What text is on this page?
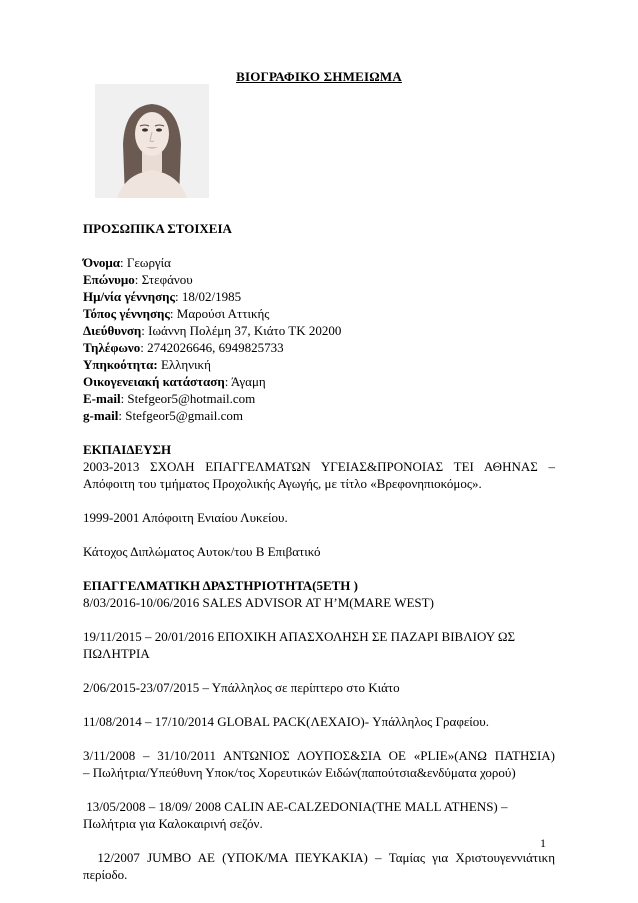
ΒΙΟΓΡΑΦΙΚΟ ΣΗΜΕΙΩΜΑ
ΠΡΟΣΩΠΙΚΑ ΣΤΟΙΧΕΙΑ
Όνομα: Γεωργία
Επώνυμο: Στεφάνου
Ημ/νία γέννησης: 18/02/1985
Τόπος γέννησης: Μαρούσι Αττικής
Διεύθυνση: Ιωάννη Πολέμη 37, Κιάτο ΤΚ 20200
Τηλέφωνο: 2742026646, 6949825733
Υπηκοότητα: Ελληνική
Οικογενειακή κατάσταση: Άγαμη
E-mail: Stefgeor5@hotmail.com
g-mail: Stefgeor5@gmail.com
ΕΚΠΑΙΔΕΥΣΗ
2003-2013 ΣΧΟΛΗ ΕΠΑΓΓΕΛΜΑΤΩΝ ΥΓΕΙΑΣ&ΠΡΟΝΟΙΑΣ ΤΕΙ ΑΘΗΝΑΣ –
Απόφοιτη του τμήματος Προχολικής Αγωγής, με τίτλο «Βρεφονηπιοκόμος».
1999-2001 Απόφοιτη Ενιαίου Λυκείου.
Κάτοχος Διπλώματος Αυτοκ/του Β Επιβατικό
ΕΠΑΓΓΕΛΜΑΤΙΚΗ ΔΡΑΣΤΗΡΙΟΤΗΤΑ(5ΕΤΗ )
8/03/2016-10/06/2016 SALES ADVISOR AT H’M(MARE WEST)
19/11/2015 – 20/01/2016 ΕΠΟΧΙΚΗ ΑΠΑΣΧΟΛΗΣΗ ΣΕ ΠΑΖΑΡΙ ΒΙΒΛΙΟΥ ΩΣ
ΠΩΛΗΤΡΙΑ
2/06/2015-23/07/2015 – Υπάλληλος σε περίπτερο στο Κιάτο
11/08/2014 – 17/10/2014 GLOBAL PACK(ΛΕΧΑΙΟ)- Υπάλληλος Γραφείου.
3/11/2008 – 31/10/2011 ΑΝΤΩΝΙΟΣ ΛΟΥΠΟΣ&ΣΙΑ ΟΕ «PLIE»(ΑΝΩ ΠΑΤΗΣΙΑ)
– Πωλήτρια/Υπεύθυνη Υποκ/τος Χορευτικών Ειδών(παπούτσια&ενδύματα χορού)
13/05/2008 – 18/09/ 2008 CALIN AE-CALZEDONIA(THE MALL ATHENS) –
Πωλήτρια για Καλοκαιρινή σεζόν.
12/2007 JUMBO AE (ΥΠΟΚ/ΜΑ ΠΕΥΚΑΚΙΑ) – Ταμίας για Χριστουγεννιάτικη
περίοδο.
1
